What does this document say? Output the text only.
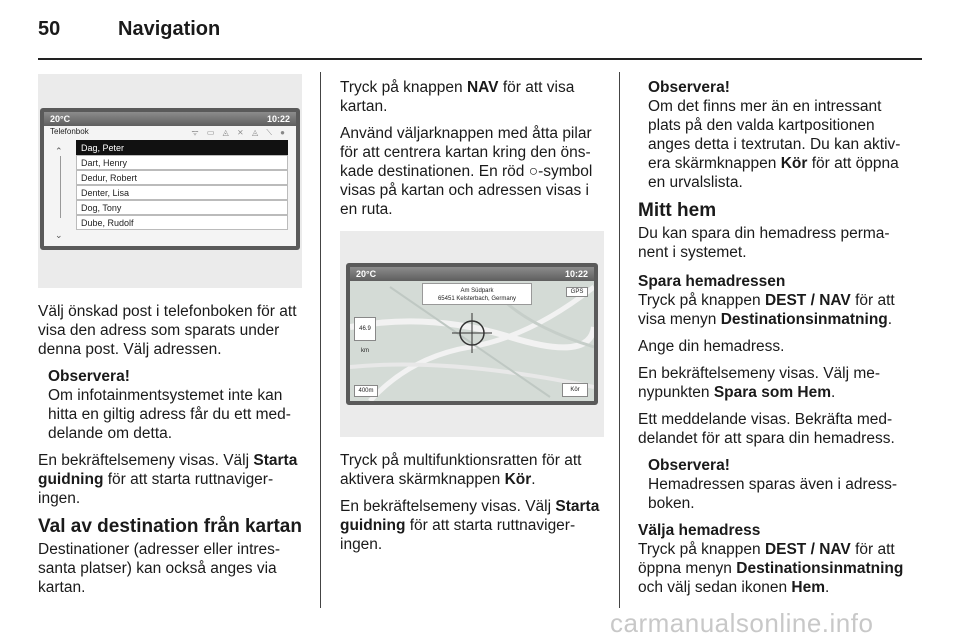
50	Navigation
20°C	10:22
Telefonbok	ᯤ ▭ ◬ ⨯ ◬ ⟍ ●
⌃
⌄
Dag, Peter
Dart, Henry
Dedur, Robert
Denter, Lisa
Dog, Tony
Dube, Rudolf

Välj önskad post i telefonboken för att visa den adress som sparats under denna post. Välj adressen.

Observera!
Om infotainmentsystemet inte kan hitta en giltig adress får du ett med-delande om detta.

En bekräftelsemeny visas. Välj Starta guidning för att starta ruttnaviger-ingen.

Val av destination från kartan

Destinationer (adresser eller intres-santa platser) kan också anges via kartan.

Tryck på knappen NAV för att visa kartan.

Använd väljarknappen med åtta pilar för att centrera kartan kring den öns-kade destinationen. En röd ○-symbol visas på kartan och adressen visas i en ruta.

20°C	10:22
Am Südpark
65451 Kelsterbach, Germany
GPS
46.9 km
400m	Kör

Tryck på multifunktionsratten för att aktivera skärmknappen Kör.

En bekräftelsemeny visas. Välj Starta guidning för att starta ruttnaviger-ingen.

Observera!
Om det finns mer än en intressant plats på den valda kartpositionen anges detta i textrutan. Du kan aktiv-era skärmknappen Kör för att öppna en urvalslista.
Mitt hem

Du kan spara din hemadress perma-nent i systemet.

Spara hemadressen

Tryck på knappen DEST / NAV för att visa menyn Destinationsinmatning.

Ange din hemadress.

En bekräftelsemeny visas. Välj me-nypunkten Spara som Hem.

Ett meddelande visas. Bekräfta med-delandet för att spara din hemadress.

Observera!
Hemadressen sparas även i adress-boken.
Välja hemadress

Tryck på knappen DEST / NAV för att öppna menyn Destinationsinmatning och välj sedan ikonen Hem.

carmanualsonline.info
